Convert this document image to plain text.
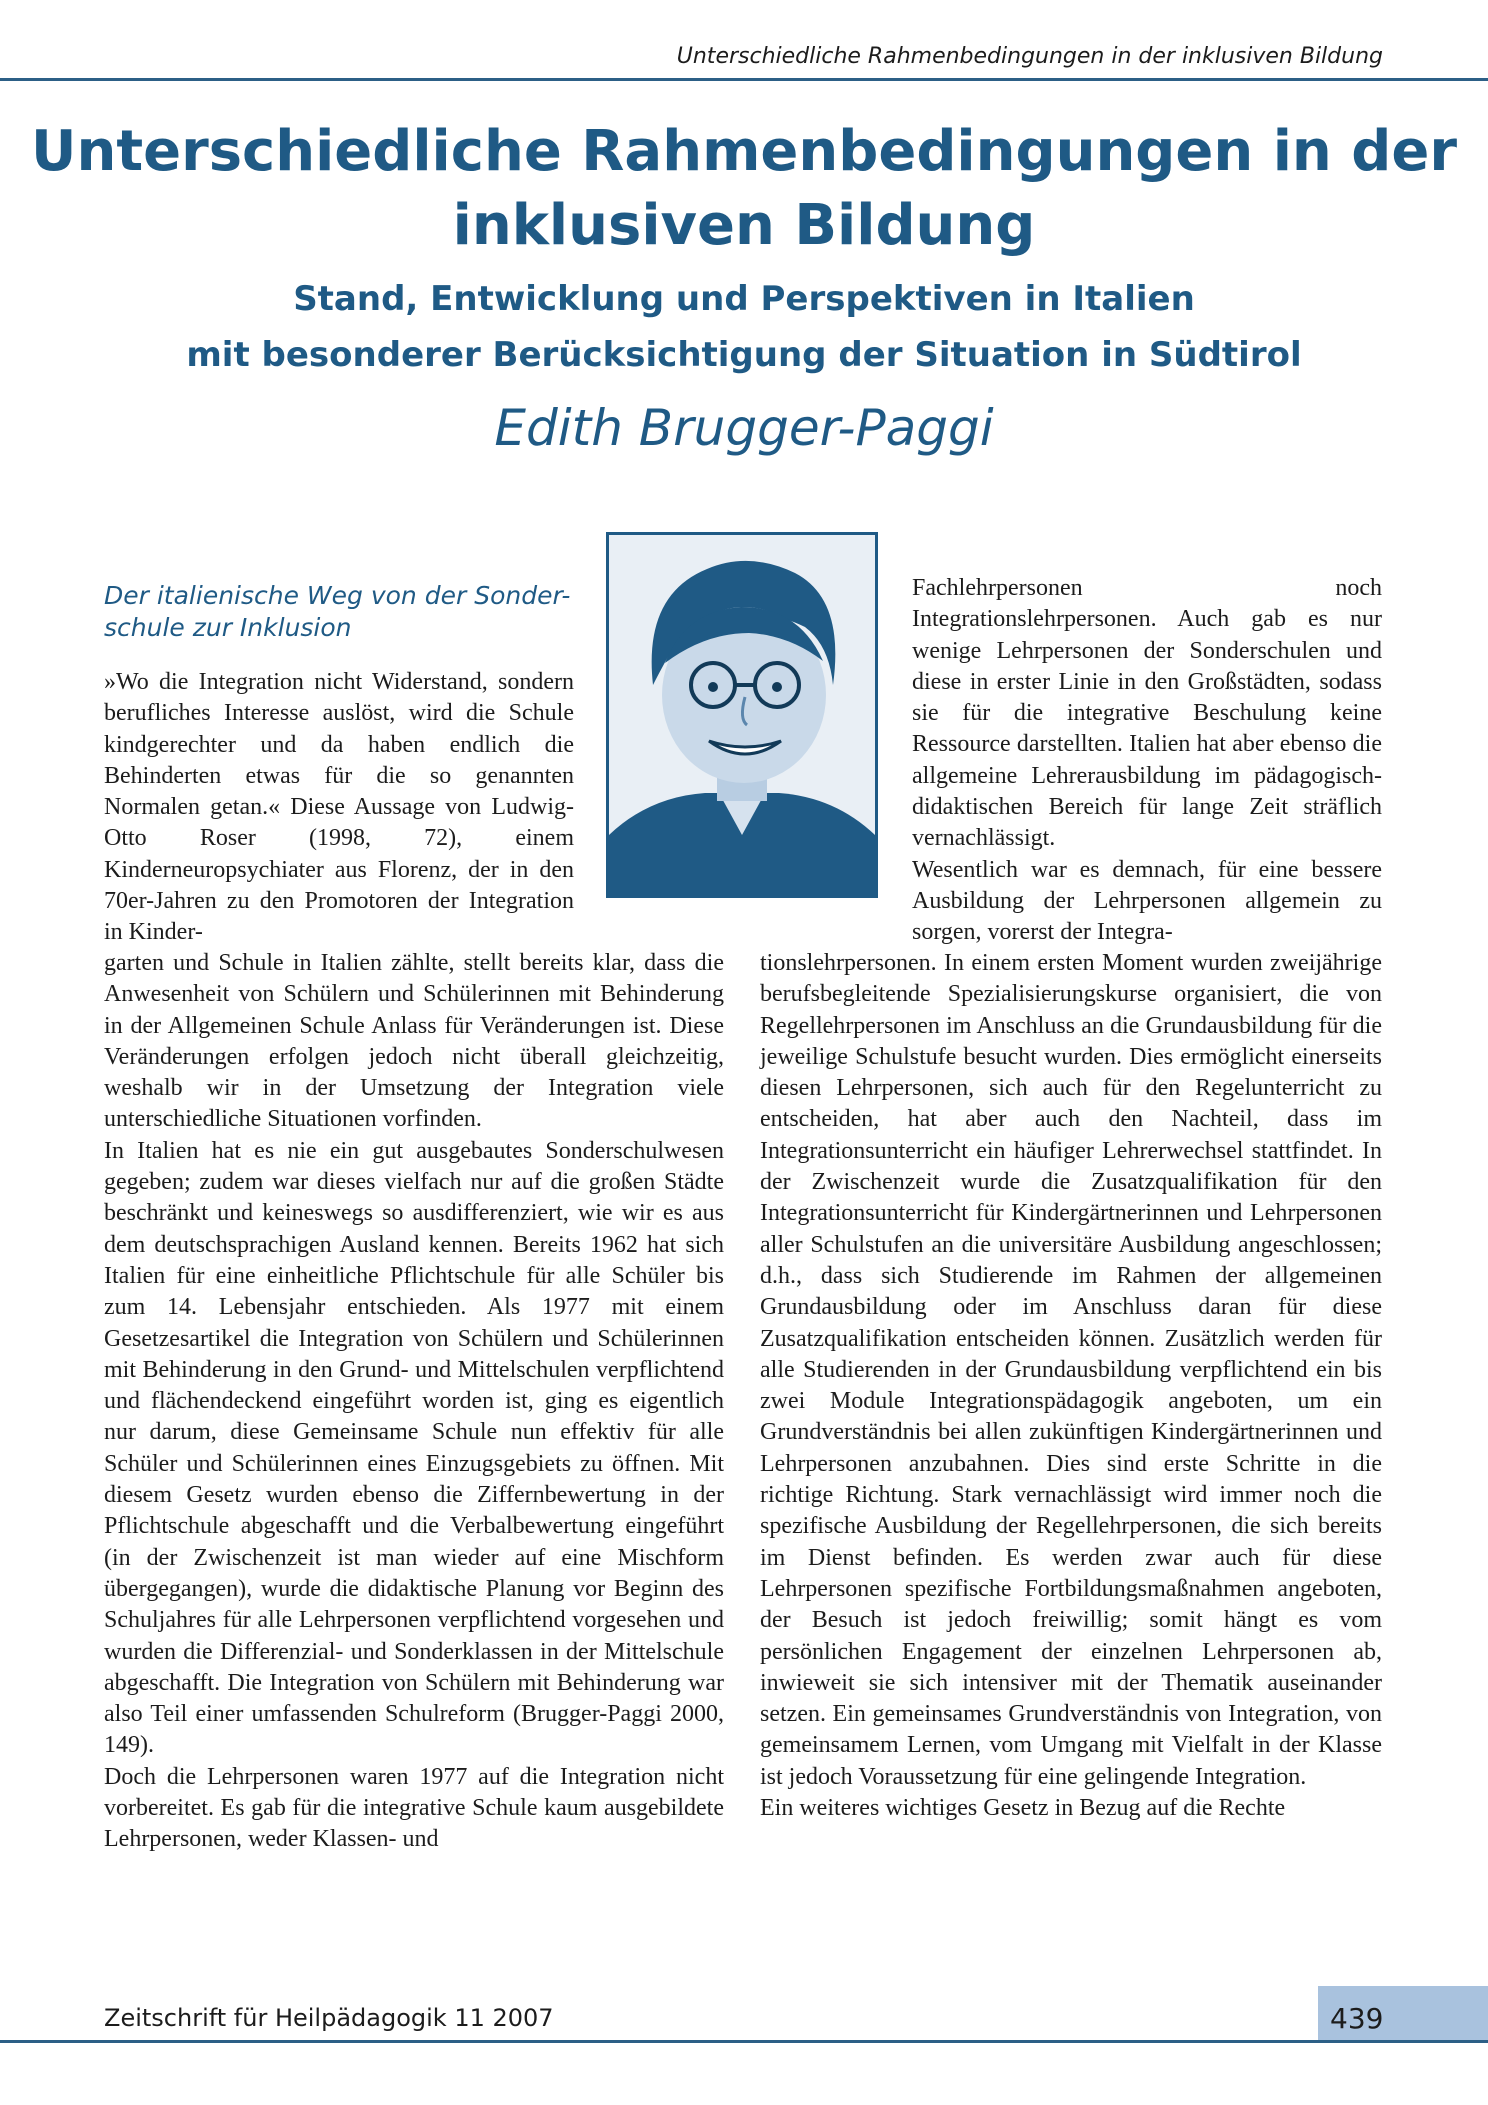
Unterschiedliche Rahmenbedingungen in der inklusiven Bildung
Unterschiedliche Rahmenbedingungen in der
inklusiven Bildung
Stand, Entwicklung und Perspektiven in Italien
mit besonderer Berücksichtigung der Situation in Südtirol
Edith Brugger-Paggi
Der italienische Weg von der Sonder-
schule zur Inklusion

»Wo die Integration nicht Widerstand, sondern berufliches Interesse auslöst, wird die Schule kindgerechter und da haben endlich die Behinderten etwas für die so genannten Normalen getan.« Diese Aussage von Ludwig-Otto Roser (1998, 72), einem Kinderneuropsychiater aus Florenz, der in den 70er-Jahren zu den Promotoren der Integration in Kinder-

garten und Schule in Italien zählte, stellt bereits klar, dass die Anwesenheit von Schülern und Schülerinnen mit Behinderung in der Allgemeinen Schule Anlass für Veränderungen ist. Diese Veränderungen erfolgen jedoch nicht überall gleichzeitig, weshalb wir in der Umsetzung der Integration viele unterschiedliche Situationen vorfinden.

In Italien hat es nie ein gut ausgebautes Sonderschulwesen gegeben; zudem war dieses vielfach nur auf die großen Städte beschränkt und keineswegs so ausdifferenziert, wie wir es aus dem deutschsprachigen Ausland kennen. Bereits 1962 hat sich Italien für eine einheitliche Pflichtschule für alle Schüler bis zum 14. Lebensjahr entschieden. Als 1977 mit einem Gesetzesartikel die Integration von Schülern und Schülerinnen mit Behinderung in den Grund- und Mittelschulen verpflichtend und flächendeckend eingeführt worden ist, ging es eigentlich nur darum, diese Gemeinsame Schule nun effektiv für alle Schüler und Schülerinnen eines Einzugsgebiets zu öffnen. Mit diesem Gesetz wurden ebenso die Ziffernbewertung in der Pflichtschule abgeschafft und die Verbalbewertung eingeführt (in der Zwischenzeit ist man wieder auf eine Mischform übergegangen), wurde die didaktische Planung vor Beginn des Schuljahres für alle Lehrpersonen verpflichtend vorgesehen und wurden die Differenzial- und Sonderklassen in der Mittelschule abgeschafft. Die Integration von Schülern mit Behinderung war also Teil einer umfassenden Schulreform (Brugger-Paggi 2000, 149).

Doch die Lehrpersonen waren 1977 auf die Integration nicht vorbereitet. Es gab für die integrative Schule kaum ausgebildete Lehrpersonen, weder Klassen- und

Fachlehrpersonen noch Integrationslehrpersonen. Auch gab es nur wenige Lehrpersonen der Sonderschulen und diese in erster Linie in den Großstädten, sodass sie für die integrative Beschulung keine Ressource darstellten. Italien hat aber ebenso die allgemeine Lehrerausbildung im pädagogisch-didaktischen Bereich für lange Zeit sträflich vernachlässigt.

Wesentlich war es demnach, für eine bessere Ausbildung der Lehrpersonen allgemein zu sorgen, vorerst der Integra-

tionslehrpersonen. In einem ersten Moment wurden zweijährige berufsbegleitende Spezialisierungskurse organisiert, die von Regellehrpersonen im Anschluss an die Grundausbildung für die jeweilige Schulstufe besucht wurden. Dies ermöglicht einerseits diesen Lehrpersonen, sich auch für den Regelunterricht zu entscheiden, hat aber auch den Nachteil, dass im Integrationsunterricht ein häufiger Lehrerwechsel stattfindet. In der Zwischenzeit wurde die Zusatzqualifikation für den Integrationsunterricht für Kindergärtnerinnen und Lehrpersonen aller Schulstufen an die universitäre Ausbildung angeschlossen; d.h., dass sich Studierende im Rahmen der allgemeinen Grundausbildung oder im Anschluss daran für diese Zusatzqualifikation entscheiden können. Zusätzlich werden für alle Studierenden in der Grundausbildung verpflichtend ein bis zwei Module Integrationspädagogik angeboten, um ein Grundverständnis bei allen zukünftigen Kindergärtnerinnen und Lehrpersonen anzubahnen. Dies sind erste Schritte in die richtige Richtung. Stark vernachlässigt wird immer noch die spezifische Ausbildung der Regellehrpersonen, die sich bereits im Dienst befinden. Es werden zwar auch für diese Lehrpersonen spezifische Fortbildungsmaßnahmen angeboten, der Besuch ist jedoch freiwillig; somit hängt es vom persönlichen Engagement der einzelnen Lehrpersonen ab, inwieweit sie sich intensiver mit der Thematik auseinander setzen. Ein gemeinsames Grundverständnis von Integration, von gemeinsamem Lernen, vom Umgang mit Vielfalt in der Klasse ist jedoch Voraussetzung für eine gelingende Integration.

Ein weiteres wichtiges Gesetz in Bezug auf die Rechte

Zeitschrift für Heilpädagogik 11 2007	439
